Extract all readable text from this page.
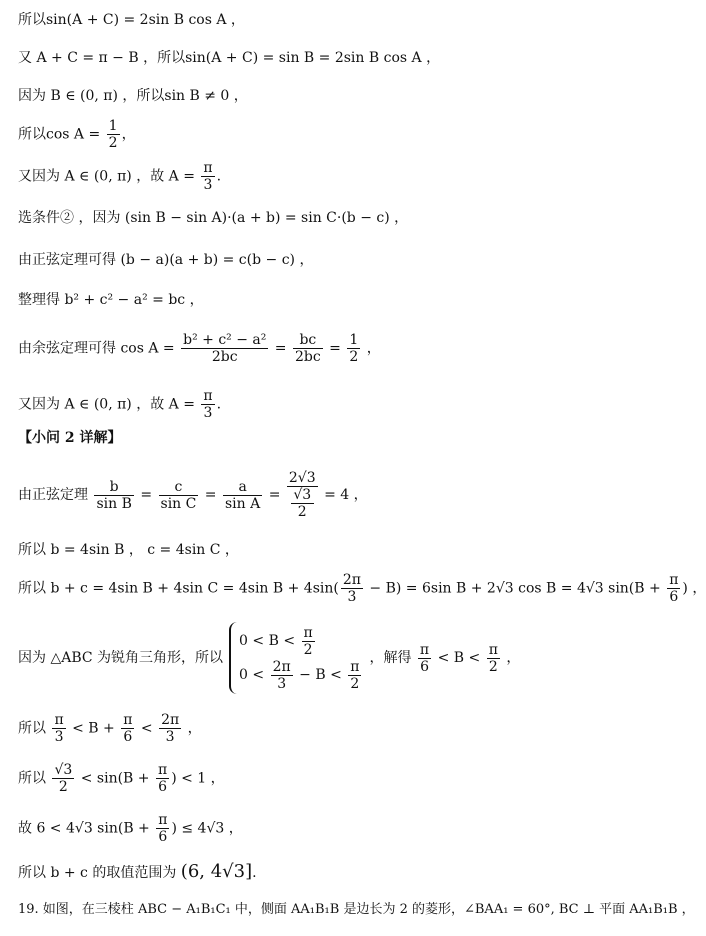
所以sin(A + C) = 2sin B cos A ，
又 A + C = π − B ，所以sin(A + C) = sin B = 2sin B cos A ，
因为 B ∈ (0, π) ，所以sin B ≠ 0 ，
所以$\cos A = \frac{1}{2}$ ，
又因为 A ∈ (0, π) ，故 $A = \frac{\pi}{3}$ .
选条件② ，因为 (sin B − sin A)·(a + b) = sin C·(b − c) ，
由正弦定理可得 (b − a)(a + b) = c(b − c) ，
整理得 b² + c² − a² = bc ，
由余弦定理可得 $\cos A = \frac{\text{b² + c² − a²}}{2bc} = \frac{bc}{2bc} = \frac{1}{2}$ ，
又因为 A ∈ (0, π) ，故 $A = \frac{\pi}{3}$ .
【小问 2 详解】
由正弦定理 $\frac{b}{\text{sin B}} = \frac{c}{\text{sin C}} = \frac{a}{\text{sin A}} = 2√3$
√3
2 = 4 ，
所以 b = 4sin B ， c = 4sin C ，
所以 b + c = 4sin B + 4sin C = 4sin $B + 4\sin( \frac{2\pi}{3} - B) = 6\sin$ B + 2√3 cos B = 4√3 $\sin(B + \frac{\pi}{6}$ ) ，
因为 △ABC 为锐角三角形，所以
$0 < B < \frac{\pi}{2}$
$0 < \frac{2\pi}{3} - B < \frac{\pi}{2}$
，解得 $\frac{\pi}{6} < B < \frac{\pi}{2}$ ，
所以 $\frac{\pi}{3} < B + \frac{\pi}{6} < \frac{2\pi}{3}$ ，
所以 $\frac{√3}{2} < \sin(B + \frac{\pi}{6}$ ) < 1 ，
故 6 < 4√3 $\sin(B + \frac{\pi}{6}$ ) ≤ 4√3 ，
所以 b + c 的取值范围为 (6, 4√3].
19. 如图，在三棱柱 ABC − A₁B₁C₁ 中，侧面 AA₁B₁B 是边长为 2 的菱形，∠BAA₁ = 60°, BC ⊥ 平面 AA₁B₁B ，
